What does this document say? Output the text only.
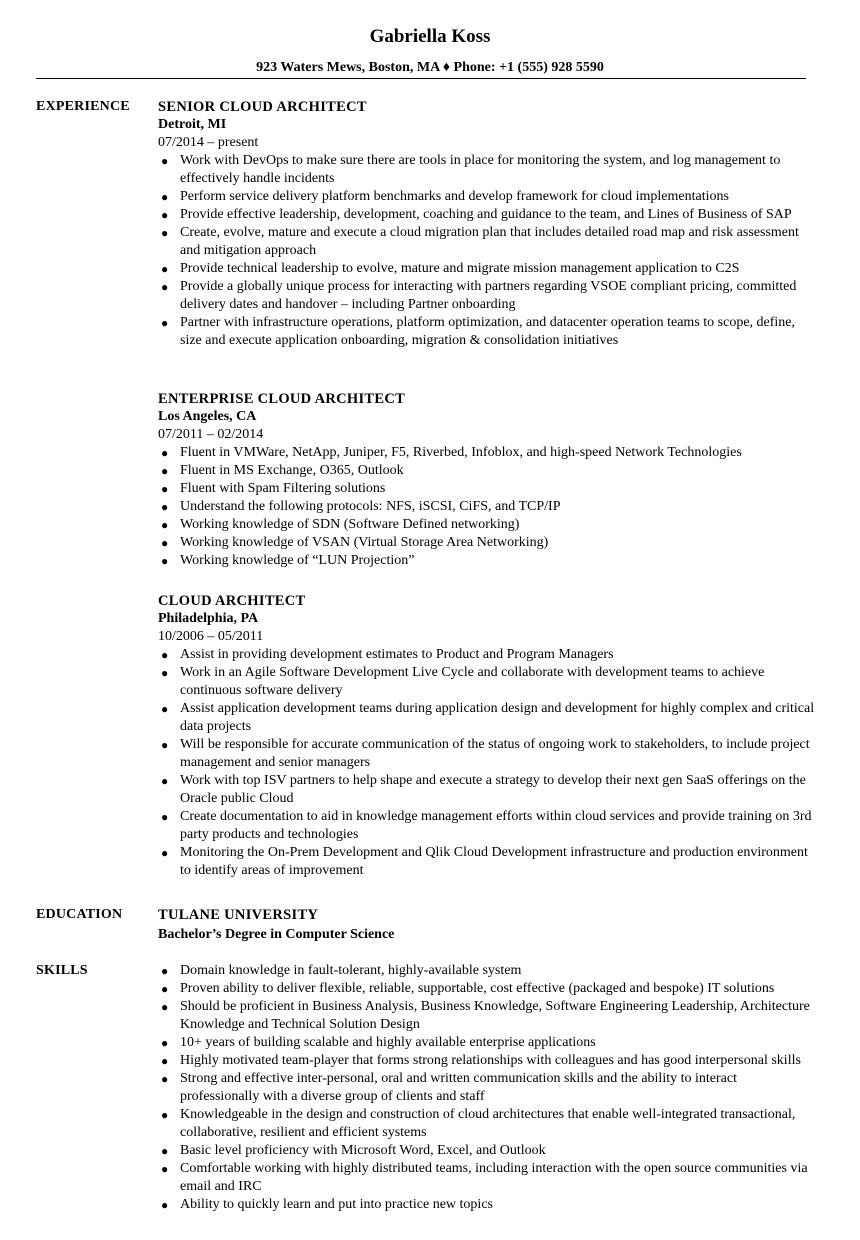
Gabriella Koss
923 Waters Mews, Boston, MA ♦ Phone: +1 (555) 928 5590
EXPERIENCE SENIOR CLOUD ARCHITECT
Detroit, MI
07/2014 – present
● Work with DevOps to make sure there are tools in place for monitoring the system, and log management to effectively handle incidents
● Perform service delivery platform benchmarks and develop framework for cloud implementations
● Provide effective leadership, development, coaching and guidance to the team, and Lines of Business of SAP
● Create, evolve, mature and execute a cloud migration plan that includes detailed road map and risk assessment and mitigation approach
● Provide technical leadership to evolve, mature and migrate mission management application to C2S
● Provide a globally unique process for interacting with partners regarding VSOE compliant pricing, committed delivery dates and handover – including Partner onboarding
● Partner with infrastructure operations, platform optimization, and datacenter operation teams to scope, define, size and execute application onboarding, migration & consolidation initiatives
ENTERPRISE CLOUD ARCHITECT
Los Angeles, CA
07/2011 – 02/2014
● Fluent in VMWare, NetApp, Juniper, F5, Riverbed, Infoblox, and high-speed Network Technologies
● Fluent in MS Exchange, O365, Outlook
● Fluent with Spam Filtering solutions
● Understand the following protocols: NFS, iSCSI, CiFS, and TCP/IP
● Working knowledge of SDN (Software Defined networking)
● Working knowledge of VSAN (Virtual Storage Area Networking)
● Working knowledge of “LUN Projection”
CLOUD ARCHITECT
Philadelphia, PA
10/2006 – 05/2011
● Assist in providing development estimates to Product and Program Managers
● Work in an Agile Software Development Live Cycle and collaborate with development teams to achieve continuous software delivery
● Assist application development teams during application design and development for highly complex and critical data projects
● Will be responsible for accurate communication of the status of ongoing work to stakeholders, to include project management and senior managers
● Work with top ISV partners to help shape and execute a strategy to develop their next gen SaaS offerings on the Oracle public Cloud
● Create documentation to aid in knowledge management efforts within cloud services and provide training on 3rd party products and technologies
● Monitoring the On-Prem Development and Qlik Cloud Development infrastructure and production environment to identify areas of improvement
EDUCATION TULANE UNIVERSITY
Bachelor’s Degree in Computer Science
SKILLS	● Domain knowledge in fault-tolerant, highly-available system
● Proven ability to deliver flexible, reliable, supportable, cost effective (packaged and bespoke) IT solutions
● Should be proficient in Business Analysis, Business Knowledge, Software Engineering Leadership, Architecture Knowledge and Technical Solution Design
● 10+ years of building scalable and highly available enterprise applications
● Highly motivated team-player that forms strong relationships with colleagues and has good interpersonal skills
● Strong and effective inter-personal, oral and written communication skills and the ability to interact professionally with a diverse group of clients and staff
● Knowledgeable in the design and construction of cloud architectures that enable well-integrated transactional, collaborative, resilient and efficient systems
● Basic level proficiency with Microsoft Word, Excel, and Outlook
● Comfortable working with highly distributed teams, including interaction with the open source communities via email and IRC
● Ability to quickly learn and put into practice new topics
